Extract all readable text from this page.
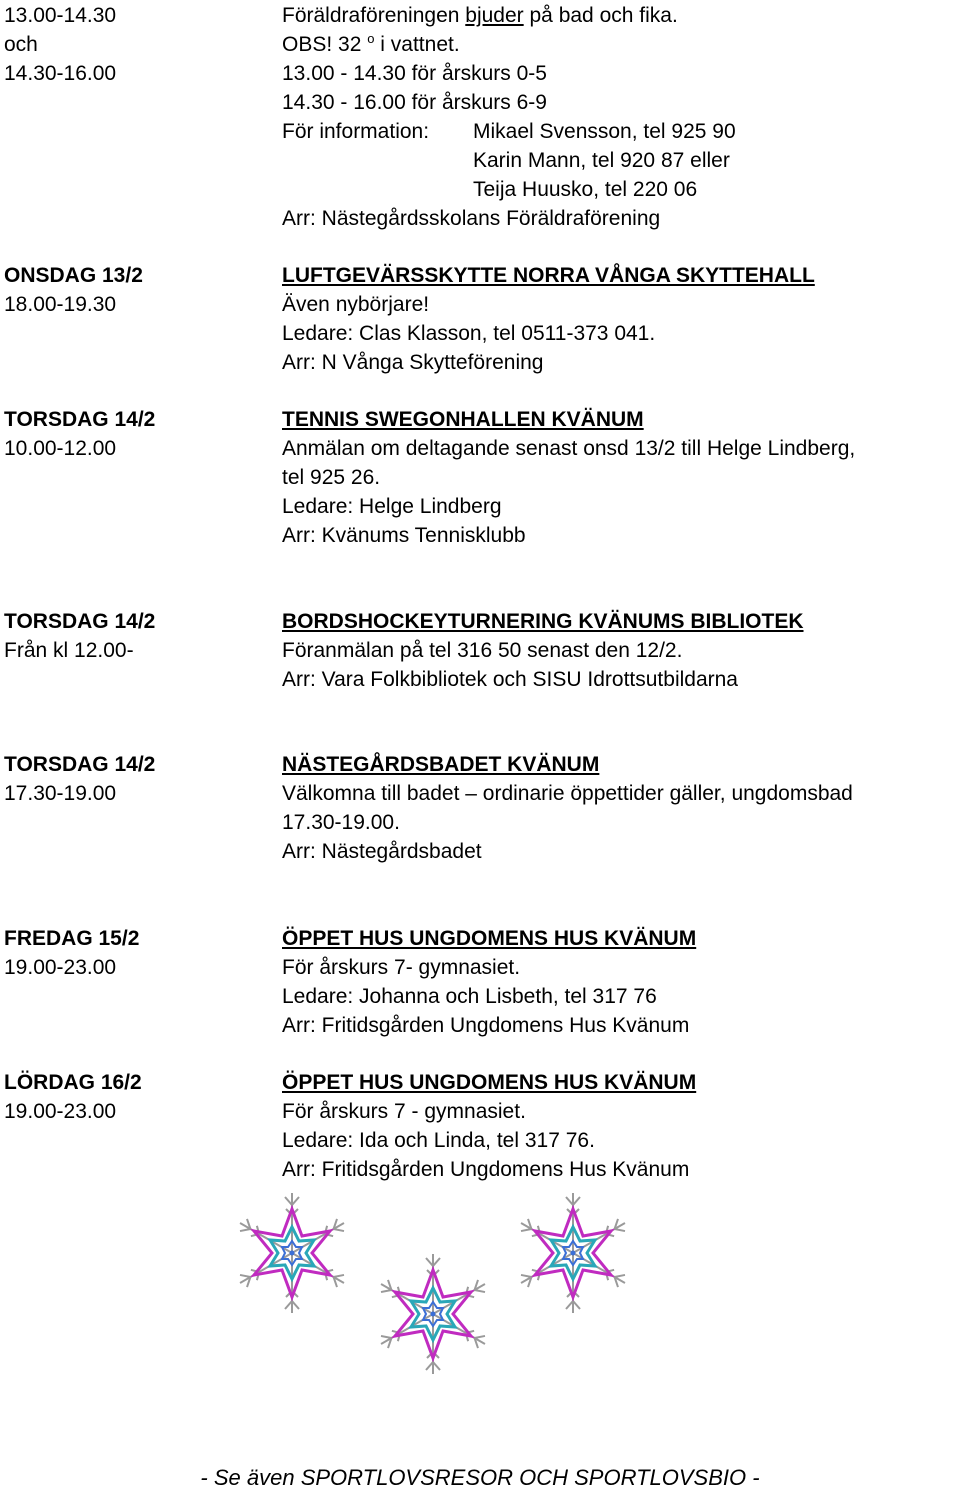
13.00-14.30	Föräldraföreningen bjuder på bad och fika.
och	OBS! 32 $^o$ i vattnet.
14.30-16.00	13.00 - 14.30 för årskurs 0-5
14.30 - 16.00 för årskurs 6-9
För information: Mikael Svensson, tel 925 90
Karin Mann, tel 920 87 eller
Teija Huusko, tel 220 06
Arr: Nästegårdsskolans Föräldraförening
ONSDAG 13/2	LUFTGEVÄRSSKYTTE NORRA VÅNGA SKYTTEHALL
18.00-19.30	Även nybörjare!
Ledare: Clas Klasson, tel 0511-373 041.
Arr: N Vånga Skytteförening
TORSDAG 14/2	TENNIS SWEGONHALLEN KVÄNUM
10.00-12.00	Anmälan om deltagande senast onsd 13/2 till Helge Lindberg,
tel 925 26.
Ledare: Helge Lindberg
Arr: Kvänums Tennisklubb
TORSDAG 14/2	BORDSHOCKEYTURNERING KVÄNUMS BIBLIOTEK
Från kl 12.00-	Föranmälan på tel 316 50 senast den 12/2.
Arr: Vara Folkbibliotek och SISU Idrottsutbildarna
TORSDAG 14/2	NÄSTEGÅRDSBADET KVÄNUM
17.30-19.00	Välkomna till badet – ordinarie öppettider gäller, ungdomsbad
17.30-19.00.
Arr: Nästegårdsbadet
FREDAG 15/2	ÖPPET HUS UNGDOMENS HUS KVÄNUM
19.00-23.00	För årskurs 7- gymnasiet.
Ledare: Johanna och Lisbeth, tel 317 76
Arr: Fritidsgården Ungdomens Hus Kvänum
LÖRDAG 16/2	ÖPPET HUS UNGDOMENS HUS KVÄNUM
19.00-23.00	För årskurs 7 - gymnasiet.
Ledare: Ida och Linda, tel 317 76.
Arr: Fritidsgården Ungdomens Hus Kvänum
- Se även SPORTLOVSRESOR OCH SPORTLOVSBIO -
